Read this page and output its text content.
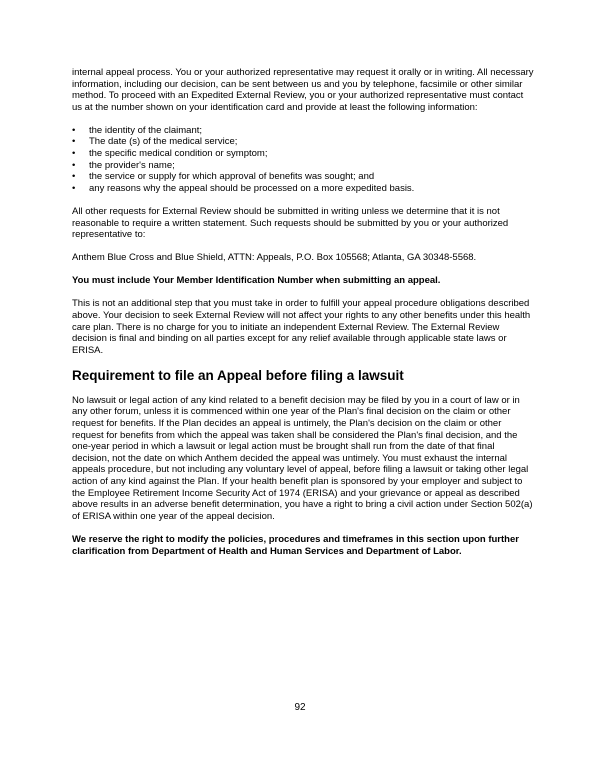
internal appeal process. You or your authorized representative may request it orally or in writing. All necessary information, including our decision, can be sent between us and you by telephone, facsimile or other similar method. To proceed with an Expedited External Review, you or your authorized representative must contact us at the number shown on your identification card and provide at least the following information:

• the identity of the claimant;
• The date (s) of the medical service;
• the specific medical condition or symptom;
• the provider's name;
• the service or supply for which approval of benefits was sought; and
• any reasons why the appeal should be processed on a more expedited basis.

All other requests for External Review should be submitted in writing unless we determine that it is not reasonable to require a written statement. Such requests should be submitted by you or your authorized representative to:

Anthem Blue Cross and Blue Shield, ATTN: Appeals, P.O. Box 105568; Atlanta, GA 30348-5568.

You must include Your Member Identification Number when submitting an appeal.

This is not an additional step that you must take in order to fulfill your appeal procedure obligations described above. Your decision to seek External Review will not affect your rights to any other benefits under this health care plan. There is no charge for you to initiate an independent External Review. The External Review decision is final and binding on all parties except for any relief available through applicable state laws or ERISA.

Requirement to file an Appeal before filing a lawsuit

No lawsuit or legal action of any kind related to a benefit decision may be filed by you in a court of law or in any other forum, unless it is commenced within one year of the Plan's final decision on the claim or other request for benefits. If the Plan decides an appeal is untimely, the Plan's decision on the claim or other request for benefits from which the appeal was taken shall be considered the Plan's final decision, and the one-year period in which a lawsuit or legal action must be brought shall run from the date of that final decision, not the date on which Anthem decided the appeal was untimely. You must exhaust the internal appeals procedure, but not including any voluntary level of appeal, before filing a lawsuit or taking other legal action of any kind against the Plan. If your health benefit plan is sponsored by your employer and subject to the Employee Retirement Income Security Act of 1974 (ERISA) and your grievance or appeal as described above results in an adverse benefit determination, you have a right to bring a civil action under Section 502(a) of ERISA within one year of the appeal decision.

We reserve the right to modify the policies, procedures and timeframes in this section upon further clarification from Department of Health and Human Services and Department of Labor.

92
